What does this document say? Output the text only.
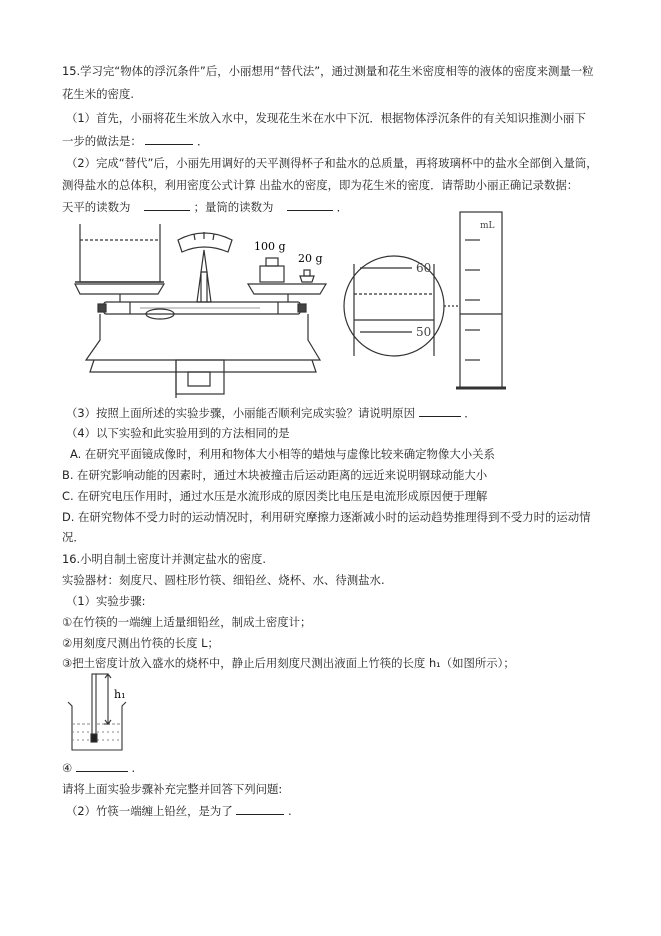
15.学习完“物体的浮沉条件”后，小丽想用“替代法”，通过测量和花生米密度相等的液体的密度来测量一粒
花生米的密度.
（1）首先，小丽将花生米放入水中，发现花生米在水中下沉．根据物体浮沉条件的有关知识推测小丽下
一步的做法是：	．
（2）完成“替代”后，小丽先用调好的天平测得杯子和盐水的总质量，再将玻璃杯中的盐水全部倒入量筒，
测得盐水的总体积，利用密度公式计算 出盐水的密度，即为花生米的密度．请帮助小丽正确记录数据：
天平的读数为	；量筒的读数为	．
100 g
20 g
mL
60
50
（3）按照上面所述的实验步骤，小丽能否顺利完成实验？请说明原因	．
（4）以下实验和此实验用到的方法相同的是
A. 在研究平面镜成像时，利用和物体大小相等的蜡烛与虚像比较来确定物像大小关系
B. 在研究影响动能的因素时，通过木块被撞击后运动距离的远近来说明钢球动能大小
C. 在研究电压作用时，通过水压是水流形成的原因类比电压是电流形成原因便于理解
D. 在研究物体不受力时的运动情况时，利用研究摩擦力逐渐减小时的运动趋势推理得到不受力时的运动情
况．
16.小明自制土密度计并测定盐水的密度.
实验器材：刻度尺、圆柱形竹筷、细铅丝、烧杯、水、待测盐水.
（1）实验步骤:
①在竹筷的一端缠上适量细铅丝，制成土密度计；
②用刻度尺测出竹筷的长度 L；
③把土密度计放入盛水的烧杯中，静止后用刻度尺测出液面上竹筷的长度 h₁（如图所示）；
h₁
④	.
请将上面实验步骤补充完整并回答下列问题:
（2）竹筷一端缠上铅丝，是为了	.
